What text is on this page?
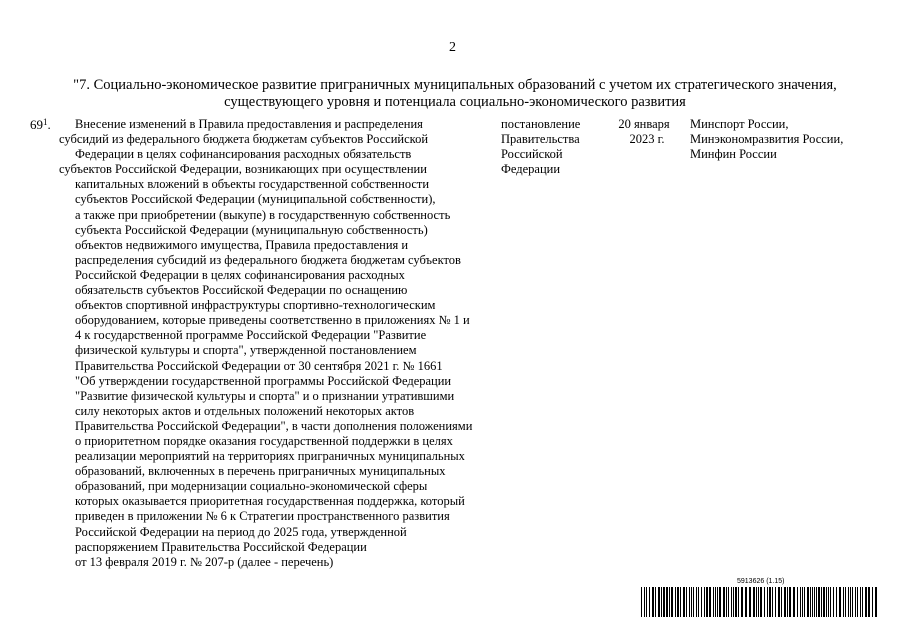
2
"7. Социально-экономическое развитие приграничных муниципальных образований с учетом их стратегического значения,
существующего уровня и потенциала социально-экономического развития
$69^1$.	Внесение изменений в Правила предоставления и распределения
субсидий из федерального бюджета бюджетам субъектов Российской
Федерации в целях софинансирования расходных обязательств
субъектов Российской Федерации, возникающих при осуществлении
капитальных вложений в объекты государственной собственности
субъектов Российской Федерации (муниципальной собственности),
а также при приобретении (выкупе) в государственную собственность
субъекта Российской Федерации (муниципальную собственность)
объектов недвижимого имущества, Правила предоставления и
распределения субсидий из федерального бюджета бюджетам субъектов
Российской Федерации в целях софинансирования расходных
обязательств субъектов Российской Федерации по оснащению
объектов спортивной инфраструктуры спортивно-технологическим
оборудованием, которые приведены соответственно в приложениях № 1 и
4 к государственной программе Российской Федерации "Развитие
физической культуры и спорта", утвержденной постановлением
Правительства Российской Федерации от 30 сентября 2021 г. № 1661
"Об утверждении государственной программы Российской Федерации
"Развитие физической культуры и спорта" и о признании утратившими
силу некоторых актов и отдельных положений некоторых актов
Правительства Российской Федерации", в части дополнения положениями
о приоритетном порядке оказания государственной поддержки в целях
реализации мероприятий на территориях приграничных муниципальных
образований, включенных в перечень приграничных муниципальных
образований, при модернизации социально-экономической сферы
которых оказывается приоритетная государственная поддержка, который
приведен в приложении № 6 к Стратегии пространственного развития
Российской Федерации на период до 2025 года, утвержденной
распоряжением Правительства Российской Федерации
от 13 февраля 2019 г. № 207-р (далее - перечень)
постановление
Правительства
Российской
Федерации
20 января
2023 г.
Минспорт России,
Минэкономразвития России,
Минфин России
5913626 (1.15)
